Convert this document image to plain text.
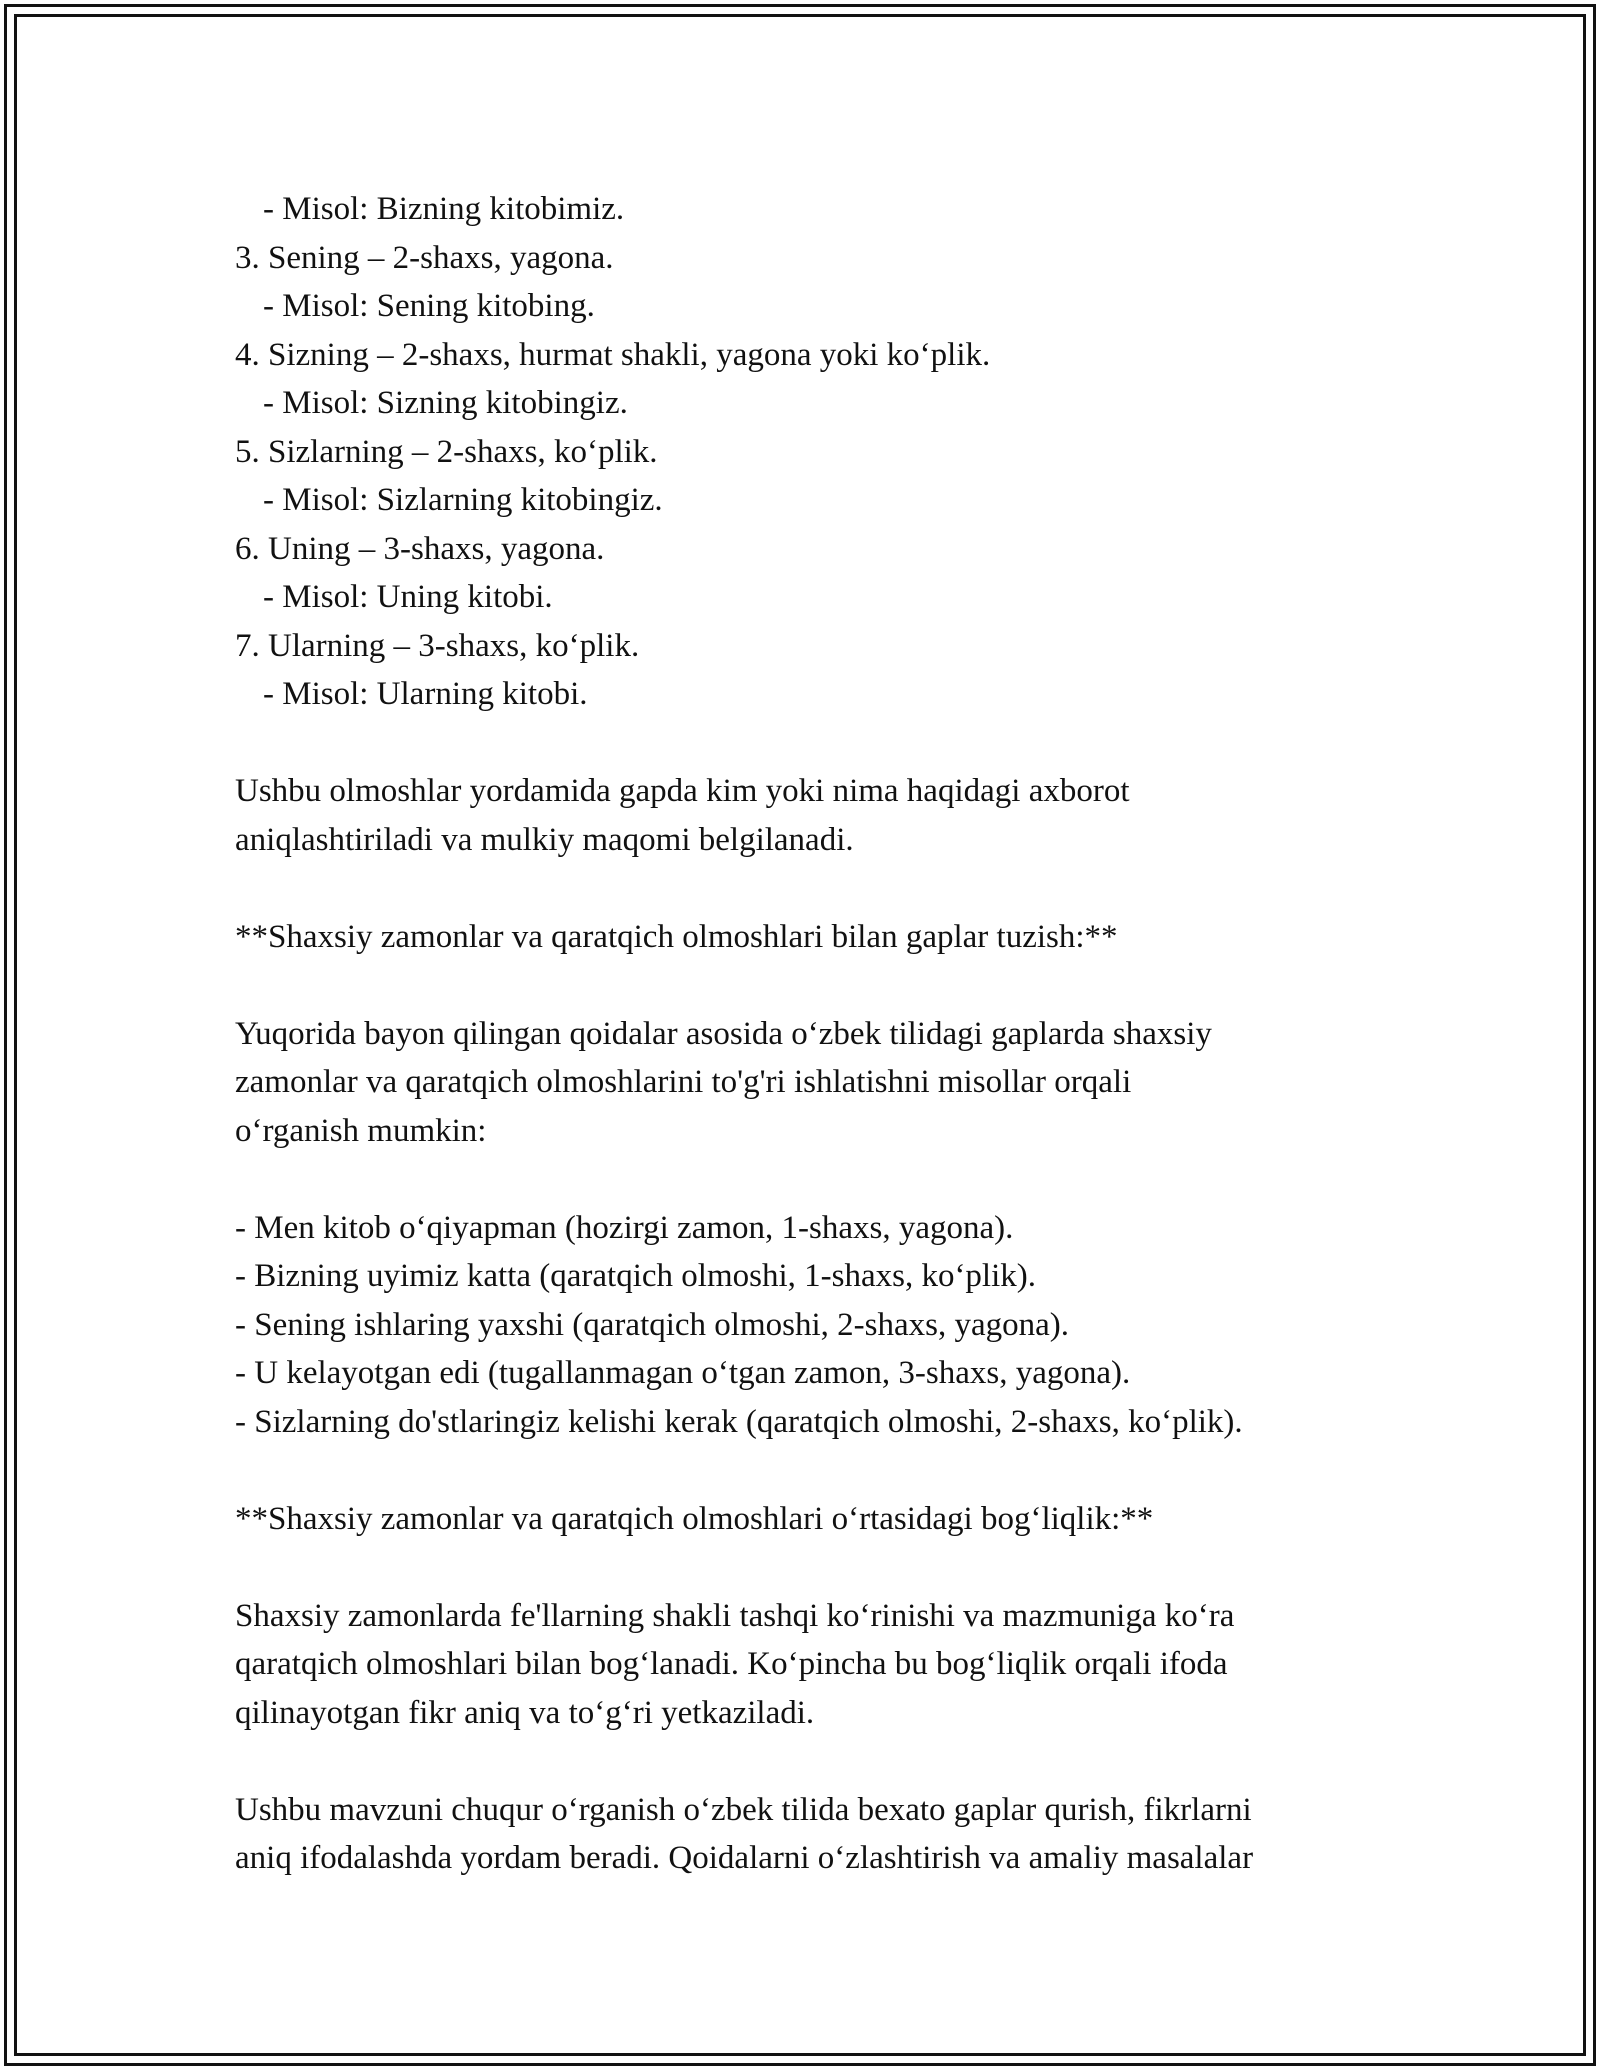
- Misol: Bizning kitobimiz.
3. Sening – 2-shaxs, yagona.
- Misol: Sening kitobing.
4. Sizning – 2-shaxs, hurmat shakli, yagona yoki ko‘plik.
- Misol: Sizning kitobingiz.
5. Sizlarning – 2-shaxs, ko‘plik.
- Misol: Sizlarning kitobingiz.
6. Uning – 3-shaxs, yagona.
- Misol: Uning kitobi.
7. Ularning – 3-shaxs, ko‘plik.
- Misol: Ularning kitobi.
Ushbu olmoshlar yordamida gapda kim yoki nima haqidagi axborot
aniqlashtiriladi va mulkiy maqomi belgilanadi.
**Shaxsiy zamonlar va qaratqich olmoshlari bilan gaplar tuzish:**
Yuqorida bayon qilingan qoidalar asosida o‘zbek tilidagi gaplarda shaxsiy
zamonlar va qaratqich olmoshlarini to'g'ri ishlatishni misollar orqali
o‘rganish mumkin:
- Men kitob o‘qiyapman (hozirgi zamon, 1-shaxs, yagona).
- Bizning uyimiz katta (qaratqich olmoshi, 1-shaxs, ko‘plik).
- Sening ishlaring yaxshi (qaratqich olmoshi, 2-shaxs, yagona).
- U kelayotgan edi (tugallanmagan o‘tgan zamon, 3-shaxs, yagona).
- Sizlarning do'stlaringiz kelishi kerak (qaratqich olmoshi, 2-shaxs, ko‘plik).
**Shaxsiy zamonlar va qaratqich olmoshlari o‘rtasidagi bog‘liqlik:**
Shaxsiy zamonlarda fe'llarning shakli tashqi ko‘rinishi va mazmuniga ko‘ra
qaratqich olmoshlari bilan bog‘lanadi. Ko‘pincha bu bog‘liqlik orqali ifoda
qilinayotgan fikr aniq va to‘g‘ri yetkaziladi.
Ushbu mavzuni chuqur o‘rganish o‘zbek tilida bexato gaplar qurish, fikrlarni
aniq ifodalashda yordam beradi. Qoidalarni o‘zlashtirish va amaliy masalalar
